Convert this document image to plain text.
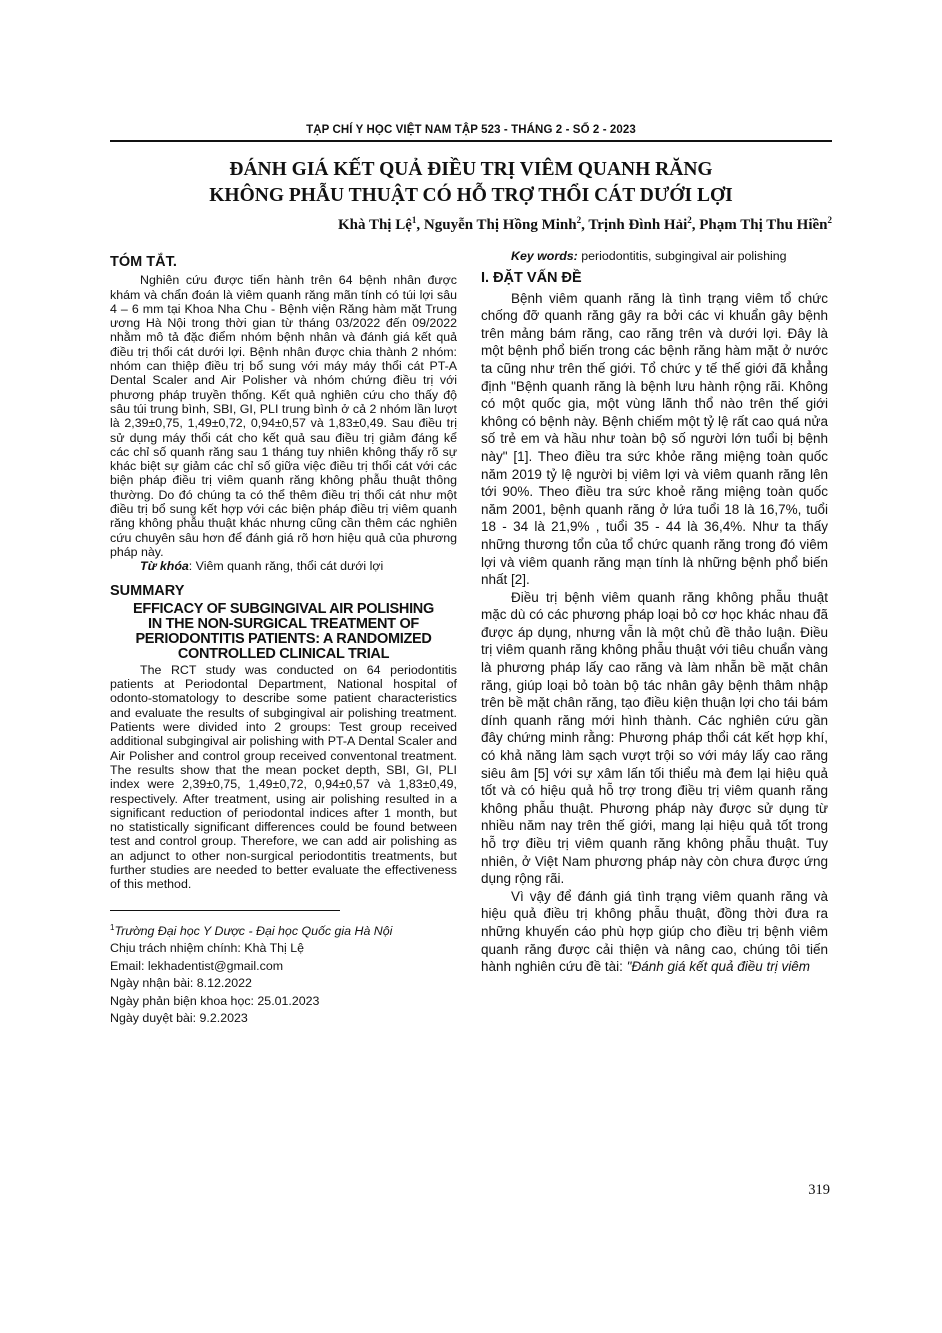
TẠP CHÍ Y HỌC VIỆT NAM TẬP 523 - THÁNG 2 - SỐ 2 - 2023
ĐÁNH GIÁ KẾT QUẢ ĐIỀU TRỊ VIÊM QUANH RĂNG
KHÔNG PHẪU THUẬT CÓ HỖ TRỢ THỔI CÁT DƯỚI LỢI
Khà Thị Lệ$^1$, Nguyễn Thị Hồng Minh$^2$, Trịnh Đình Hải$^2$, Phạm Thị Thu Hiền$^2$
TÓM TẮT.

Nghiên cứu được tiến hành trên 64 bệnh nhân được khám và chẩn đoán là viêm quanh răng mãn tính có túi lợi sâu 4 – 6 mm tại Khoa Nha Chu - Bệnh viện Răng hàm mặt Trung ương Hà Nội trong thời gian từ tháng 03/2022 đến 09/2022 nhằm mô tả đặc điểm nhóm bệnh nhân và đánh giá kết quả điều trị thổi cát dưới lợi. Bệnh nhân được chia thành 2 nhóm: nhóm can thiệp điều trị bổ sung với máy máy thổi cát PT-A Dental Scaler and Air Polisher và nhóm chứng điều trị với phương pháp truyền thống. Kết quả nghiên cứu cho thấy độ sâu túi trung bình, SBI, GI, PLI trung bình ở cả 2 nhóm lần lượt là 2,39±0,75, 1,49±0,72, 0,94±0,57 và 1,83±0,49. Sau điều trị sử dụng máy thổi cát cho kết quả sau điều trị giảm đáng kể các chỉ số quanh răng sau 1 tháng tuy nhiên không thấy rõ sự khác biệt sự giảm các chỉ số giữa việc điều trị thổi cát với các biện pháp điều trị viêm quanh răng không phẫu thuật thông thường. Do đó chúng ta có thể thêm điều trị thổi cát như một điều trị bổ sung kết hợp với các biện pháp điều trị viêm quanh răng không phẫu thuật khác nhưng cũng cần thêm các nghiên cứu chuyên sâu hơn để đánh giá rõ hơn hiệu quả của phương pháp này.

Từ khóa: Viêm quanh răng, thổi cát dưới lợi

SUMMARY
EFFICACY OF SUBGINGIVAL AIR POLISHING
IN THE NON-SURGICAL TREATMENT OF
PERIODONTITIS PATIENTS: A RANDOMIZED
CONTROLLED CLINICAL TRIAL

The RCT study was conducted on 64 periodontitis patients at Periodontal Department, National hospital of odonto-stomatology to describe some patient characteristics and evaluate the results of subgingival air polishing treatment. Patients were divided into 2 groups: Test group received additional subgingival air polishing with PT-A Dental Scaler and Air Polisher and control group received conventonal treatment. The results show that the mean pocket depth, SBI, GI, PLI index were 2,39±0,75, 1,49±0,72, 0,94±0,57 và 1,83±0,49, respectively. After treatment, using air polishing resulted in a significant reduction of periodontal indices after 1 month, but no statistically significant differences could be found between test and control group. Therefore, we can add air polishing as an adjunct to other non-surgical periodontitis treatments, but further studies are needed to better evaluate the effectiveness of this method.

$^1$Trường Đại học Y Dược - Đại học Quốc gia Hà Nội
Chịu trách nhiệm chính: Khà Thị Lệ
Email: lekhadentist@gmail.com
Ngày nhận bài: 8.12.2022
Ngày phản biện khoa học: 25.01.2023
Ngày duyệt bài: 9.2.2023

Key words: periodontitis, subgingival air polishing

I. ĐẶT VẤN ĐỀ

Bệnh viêm quanh răng là tình trạng viêm tổ chức chống đỡ quanh răng gây ra bởi các vi khuẩn gây bệnh trên mảng bám răng, cao răng trên và dưới lợi. Đây là một bệnh phổ biến trong các bệnh răng hàm mặt ở nước ta cũng như trên thế giới. Tổ chức y tế thế giới đã khẳng định "Bệnh quanh răng là bệnh lưu hành rộng rãi. Không có một quốc gia, một vùng lãnh thổ nào trên thế giới không có bệnh này. Bệnh chiếm một tỷ lệ rất cao quá nửa số trẻ em và hầu như toàn bộ số người lớn tuổi bị bệnh này" [1]. Theo điều tra sức khỏe răng miệng toàn quốc năm 2019 tỷ lệ người bị viêm lợi và viêm quanh răng lên tới 90%. Theo điều tra sức khoẻ răng miệng toàn quốc năm 2001, bệnh quanh răng ở lứa tuổi 18 là 16,7%, tuổi 18 - 34 là 21,9% , tuổi 35 - 44 là 36,4%. Như ta thấy những thương tổn của tổ chức quanh răng trong đó viêm lợi và viêm quanh răng mạn tính là những bệnh phổ biến nhất [2].

Điều trị bệnh viêm quanh răng không phẫu thuật mặc dù có các phương pháp loại bỏ cơ học khác nhau đã được áp dụng, nhưng vẫn là một chủ đề thảo luận. Điều trị viêm quanh răng không phẫu thuật với tiêu chuẩn vàng là phương pháp lấy cao răng và làm nhẵn bề mặt chân răng, giúp loại bỏ toàn bộ tác nhân gây bệnh thâm nhập trên bề mặt chân răng, tạo điều kiện thuận lợi cho tái bám dính quanh răng mới hình thành. Các nghiên cứu gần đây chứng minh rằng: Phương pháp thổi cát kết hợp khí, có khả năng làm sạch vượt trội so với máy lấy cao răng siêu âm [5] với sự xâm lấn tối thiểu mà đem lại hiệu quả tốt và có hiệu quả hỗ trợ trong điều trị viêm quanh răng không phẫu thuật. Phương pháp này được sử dụng từ nhiều năm nay trên thế giới, mang lại hiệu quả tốt trong hỗ trợ điều trị viêm quanh răng không phẫu thuật. Tuy nhiên, ở Việt Nam phương pháp này còn chưa được ứng dụng rộng rãi.

Vì vậy để đánh giá tình trạng viêm quanh răng và hiệu quả điều trị không phẫu thuật, đồng thời đưa ra những khuyến cáo phù hợp giúp cho điều trị bệnh viêm quanh răng được cải thiện và nâng cao, chúng tôi tiến hành nghiên cứu đề tài: "Đánh giá kết quả điều trị viêm

319
